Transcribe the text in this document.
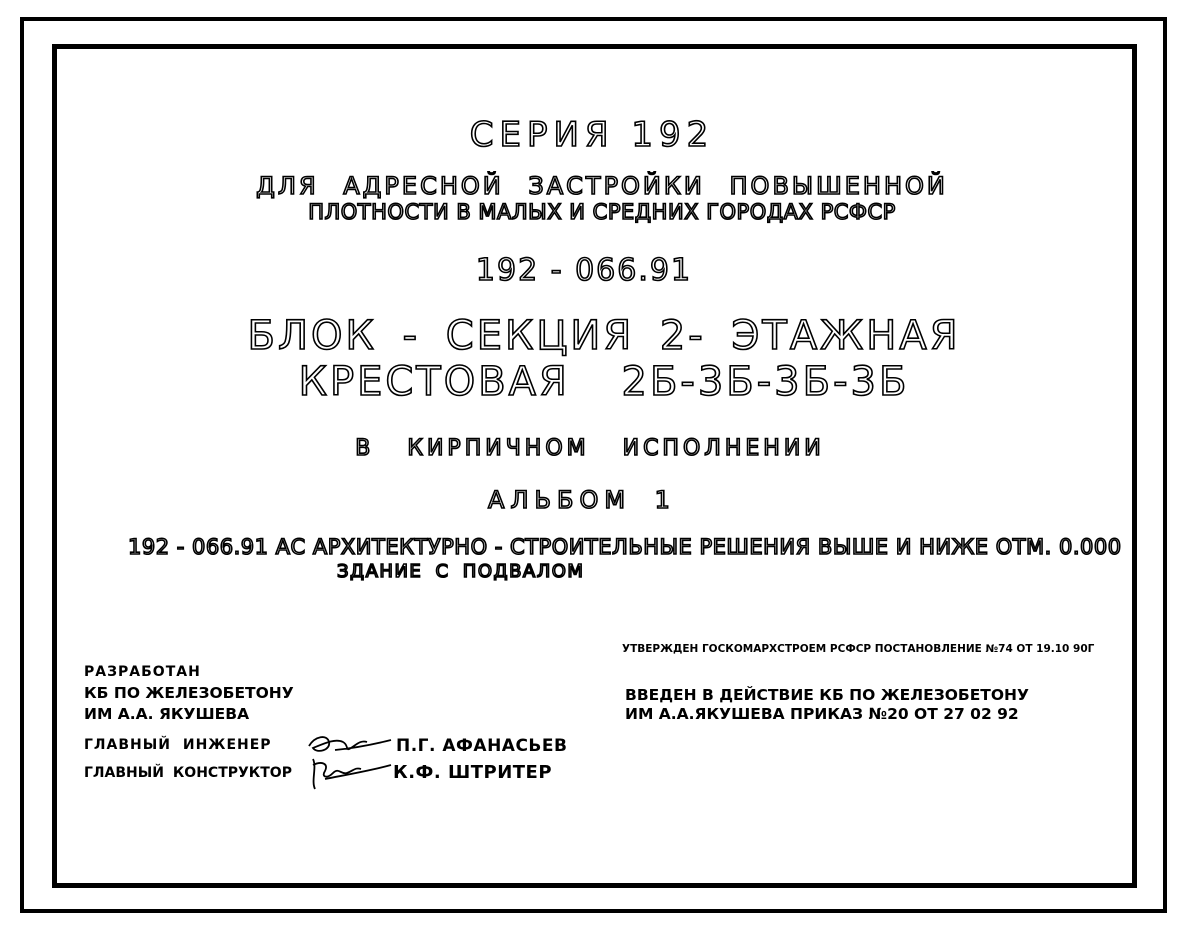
СЕРИЯ 192
ДЛЯ АДРЕСНОЙ ЗАСТРОЙКИ ПОВЫШЕННОЙ
ПЛОТНОСТИ В МАЛЫХ И СРЕДНИХ ГОРОДАХ РСФСР
192 - 066.91
БЛОК - СЕКЦИЯ 2- ЭТАЖНАЯ
КРЕСТОВАЯ 2Б-3Б-3Б-3Б
В КИРПИЧНОМ ИСПОЛНЕНИИ
АЛЬБОМ 1
192 - 066.91 АС АРХИТЕКТУРНО - СТРОИТЕЛЬНЫЕ РЕШЕНИЯ ВЫШЕ И НИЖЕ ОТМ. 0.000
ЗДАНИЕ С ПОДВАЛОМ
УТВЕРЖДЕН ГОСКОМАРХСТРОЕМ РСФСР ПОСТАНОВЛЕНИЕ №74 ОТ 19.10 90Г
ВВЕДЕН В ДЕЙСТВИЕ КБ ПО ЖЕЛЕЗОБЕТОНУ
ИМ А.А.ЯКУШЕВА ПРИКАЗ №20 ОТ 27 02 92
РАЗРАБОТАН
КБ ПО ЖЕЛЕЗОБЕТОНУ
ИМ А.А. ЯКУШЕВА
ГЛАВНЫЙ ИНЖЕНЕР	П.Г. АФАНАСЬЕВ
ГЛАВНЫЙ КОНСТРУКТОР	К.Ф. ШТРИТЕР
